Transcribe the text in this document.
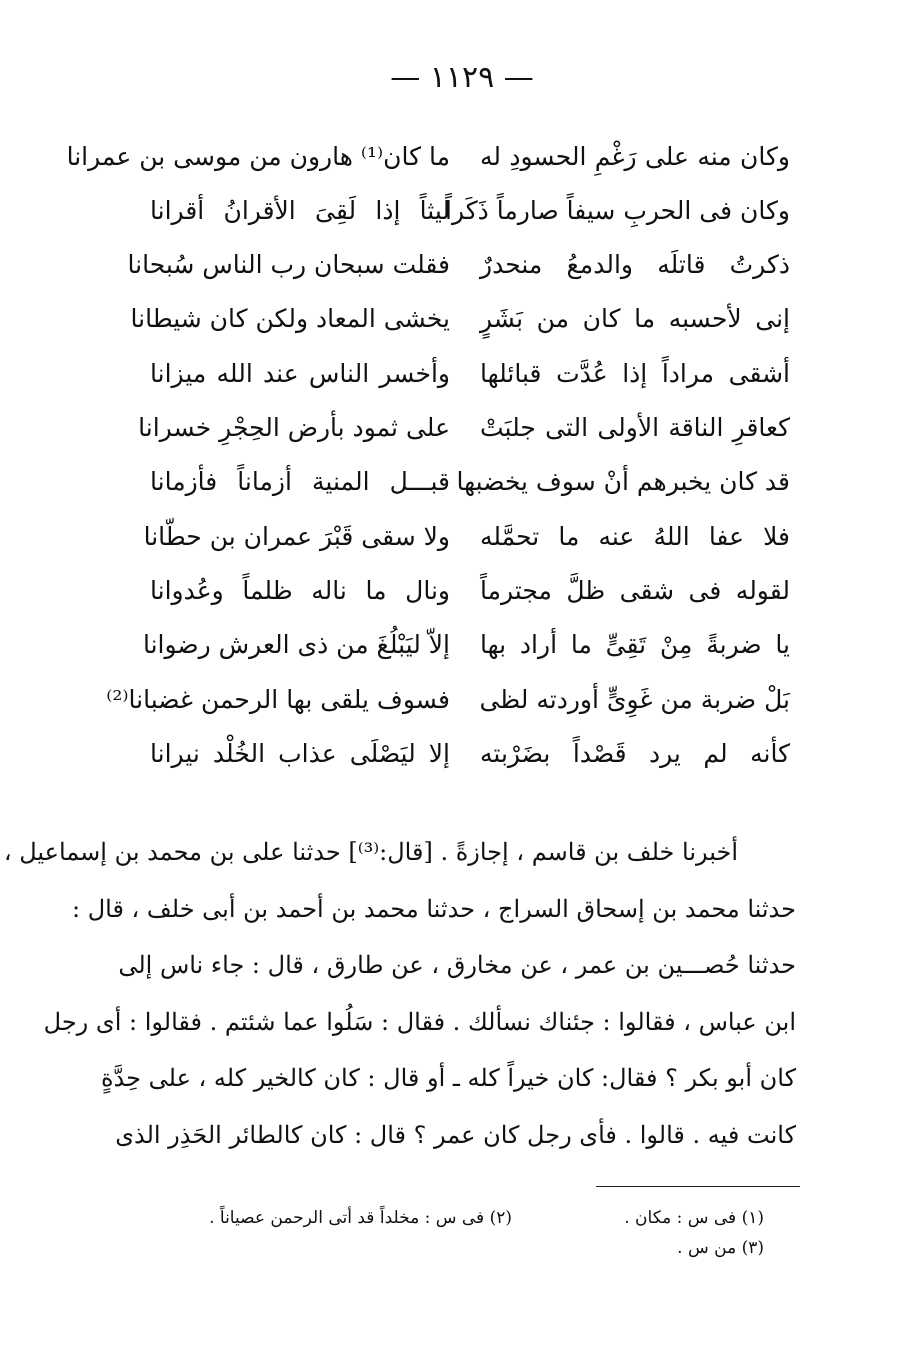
— ١١٢٩ —
وكان منه على رَغْمِ الحسودِ له
ما كان⁽¹⁾ هارون من موسى بن عمرانا
وكان فى الحربِ سيفاً صارماً ذَكَراً
ليثاً إذا لَقِىَ الأقرانُ أقرانا
ذكرتُ قاتلَه والدمعُ منحدرٌ
فقلت سبحان رب الناس سُبحانا
إنى لأحسبه ما كان من بَشَرٍ
يخشى المعاد ولكن كان شيطانا
أشقى مراداً إذا عُدَّت قبائلها
وأخسر الناس عند الله ميزانا
كعاقرِ الناقة الأولى التى جلبَتْ
على ثمود بأرض الحِجْرِ خسرانا
قد كان يخبرهم أنْ سوف يخضبها
قبـــل المنية أزماناً فأزمانا
فلا عفا اللهُ عنه ما تحمَّله
ولا سقى قَبْرَ عمران بن حطّانا
لقوله فى شقى ظلَّ مجترماً
ونال ما ناله ظلماً وعُدوانا
يا ضربةً مِنْ تَقِىٍّ ما أراد بها
إلاّ ليَبْلُغَ من ذى العرش رضوانا
بَلْ ضربة من غَوِىٍّ أوردته لظى
فسوف يلقى بها الرحمن غضبانا⁽²⁾
كأنه لم يرد قَصْداً بضَرْبته
إلا ليَصْلَى عذاب الخُلْد نيرانا
أخبرنا خلف بن قاسم ، إجازةً . [قال:⁽³⁾] حدثنا على بن محمد بن إسماعيل ،
حدثنا محمد بن إسحاق السراج ، حدثنا محمد بن أحمد بن أبى خلف ، قال :
حدثنا حُصـــين بن عمر ، عن مخارق ، عن طارق ، قال : جاء ناس إلى
ابن عباس ، فقالوا : جئناك نسألك . فقال : سَلُوا عما شئتم . فقالوا : أى رجل
كان أبو بكر ؟ فقال: كان خيراً كله ـ أو قال : كان كالخير كله ، على حِدَّةٍ
كانت فيه . قالوا . فأى رجل كان عمر ؟ قال : كان كالطائر الحَذِر الذى
(١) فى س : مكان .
(٢) فى س : مخلداً قد أتى الرحمن عصياناً .
(٣) من س .
